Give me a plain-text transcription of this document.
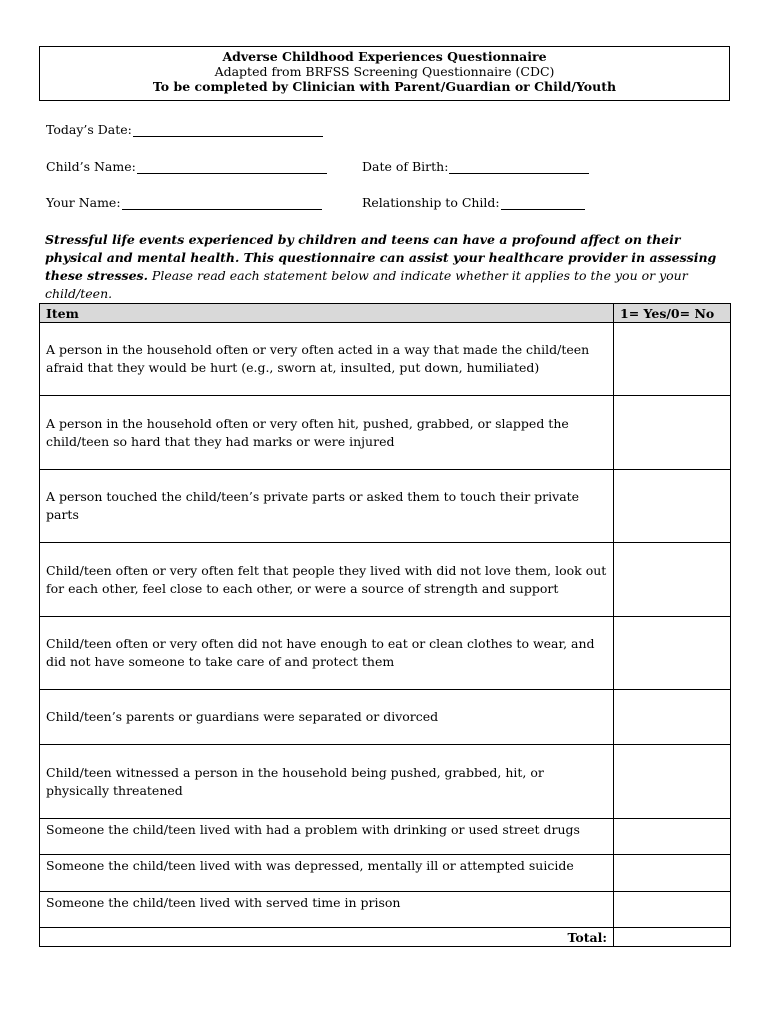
Adverse Childhood Experiences Questionnaire
Adapted from BRFSS Screening Questionnaire (CDC)
To be completed by Clinician with Parent/Guardian or Child/Youth
Today’s Date:
Child’s Name:	Date of Birth:
Your Name:	Relationship to Child:
Stressful life events experienced by children and teens can have a profound affect on their physical and mental health. This questionnaire can assist your healthcare provider in assessing these stresses. Please read each statement below and indicate whether it applies to the you or your child/teen.
Item	1= Yes/0= No
A person in the household often or very often acted in a way that made the child/teen afraid that they would be hurt (e.g., sworn at, insulted, put down, humiliated)	
A person in the household often or very often hit, pushed, grabbed, or slapped the child/teen so hard that they had marks or were injured	
A person touched the child/teen’s private parts or asked them to touch their private parts	
Child/teen often or very often felt that people they lived with did not love them, look out for each other, feel close to each other, or were a source of strength and support	
Child/teen often or very often did not have enough to eat or clean clothes to wear, and did not have someone to take care of and protect them	
Child/teen’s parents or guardians were separated or divorced	
Child/teen witnessed a person in the household being pushed, grabbed, hit, or physically threatened	
Someone the child/teen lived with had a problem with drinking or used street drugs	
Someone the child/teen lived with was depressed, mentally ill or attempted suicide	
Someone the child/teen lived with served time in prison	
Total:	
